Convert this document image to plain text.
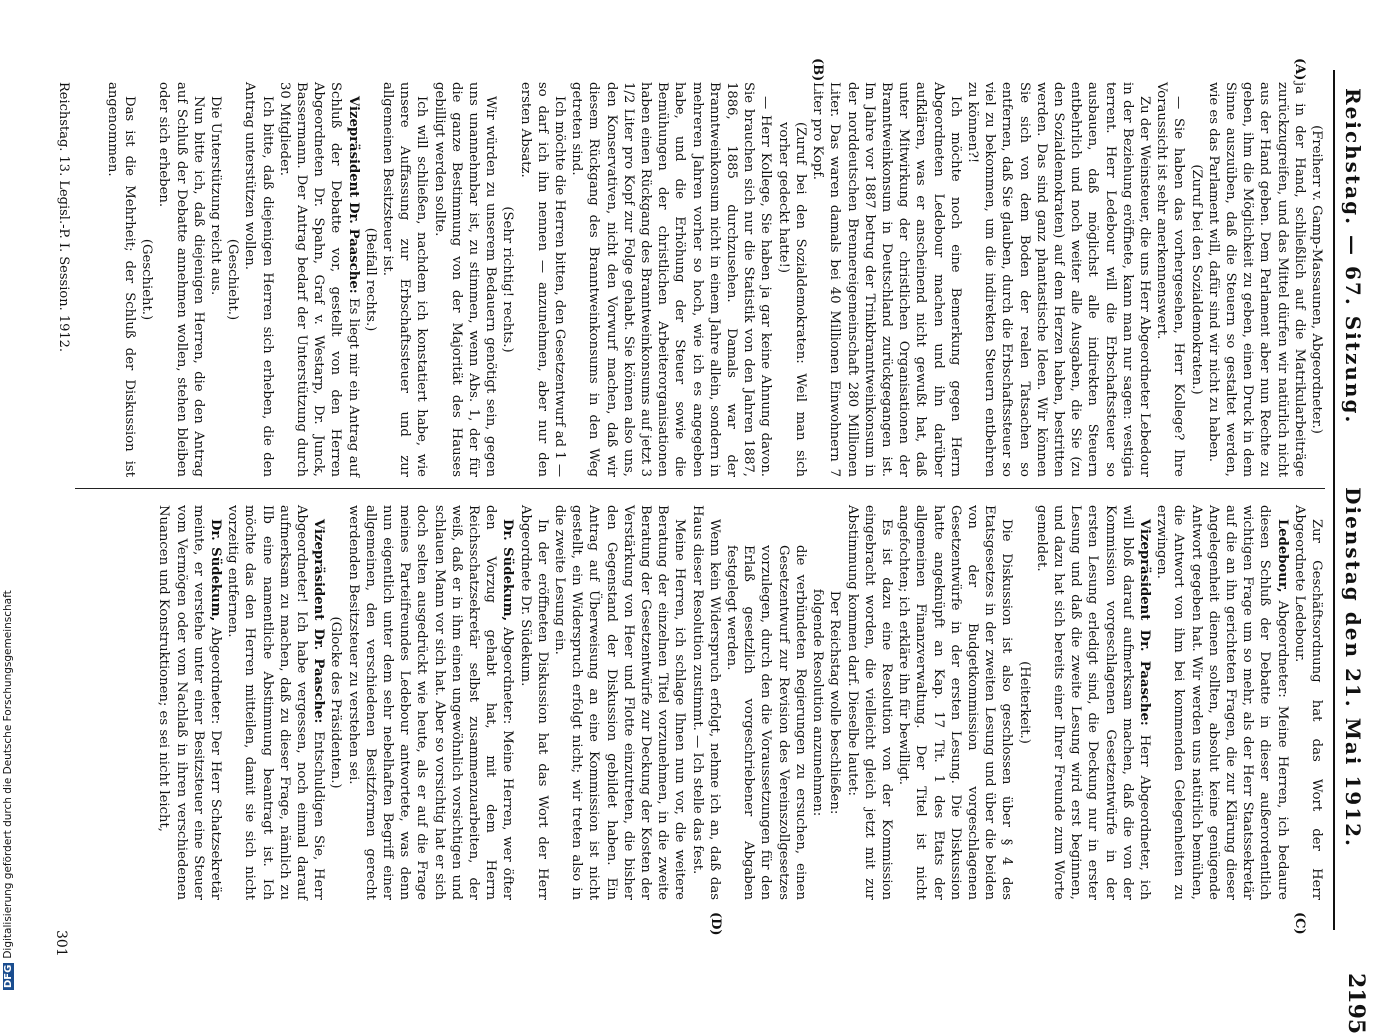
Reichstag. — 67. Sitzung.
Dienstag den 21. Mai 1912.
2195
(A)
(B)
(C)
(D)

(Freiherr v. Gamp-Massaunen, Abgeordneter.)

ja in der Hand, schließlich auf die Matrikularbeiträge zurückzugreifen, und das Mittel dürfen wir natürlich nicht aus der Hand geben. Dem Parlament aber nun Rechte zu geben, ihm die Möglichkeit zu geben, einen Druck in dem Sinne auszuüben, daß die Steuern so gestaltet werden, wie es das Parlament will, dafür sind wir nicht zu haben.

(Zuruf bei den Sozialdemokraten.)

— Sie haben das vorhergesehen, Herr Kollege? Ihre Voraussicht ist sehr anerkennenswert.

Zu der Weinsteuer, die uns Herr Abgeordneter Lebedour in der Beziehung eröffnete, kann man nur sagen: vestigia terrent. Herr Ledebour will die Erbschaftssteuer so ausbauen, daß möglichst alle indirekten Steuern entbehrlich und noch weiter alle Ausgaben, die Sie (zu den Sozialdemokraten) auf dem Herzen haben, bestritten werden. Das sind ganz phantastische Ideen. Wir können Sie sich von dem Boden der realen Tatsachen so entfernen, daß Sie glauben, durch die Erbschaftssteuer so viel zu bekommen, um die indirekten Steuern entbehren zu können?!

Ich möchte noch eine Bemerkung gegen Herrn Abgeordneten Ledebour machen und ihn darüber aufklären, was er anscheinend nicht gewußt hat, daß unter Mitwirkung der christlichen Organisationen der Branntweinkonsum in Deutschland zurückgegangen ist. Im Jahre vor 1887 betrug der Trinkbranntweinkonsum in der norddeutschen Brennereigemeinschaft 280 Millionen Liter. Das waren damals bei 40 Millionen Einwohnern 7 Liter pro Kopf.

(Zuruf bei den Sozialdemokraten: Weil man sich vorher gedeckt hatte!)

— Herr Kollege, Sie haben ja gar keine Ahnung davon. Sie brauchen sich nur die Statistik von den Jahren 1887, 1886, 1885 durchzusehen. Damals war der Branntweinkonsum nicht in einem Jahre allein, sondern in mehreren Jahren vorher so hoch, wie ich es angegeben habe, und die Erhöhung der Steuer sowie die Bemühungen der christlichen Arbeiterorganisationen haben einen Rückgang des Branntweinkonsums auf jetzt 3 1/2 Liter pro Kopf zur Folge gehabt. Sie können also uns, den Konservativen, nicht den Vorwurf machen, daß wir diesem Rückgang des Branntweinkonsums in den Weg getreten sind.

Ich möchte die Herren bitten, den Gesetzentwurf ad 1 — so darf ich ihn nennen — anzunehmen, aber nur den ersten Absatz.

(Sehr richtig! rechts.)

Wir würden zu unserem Bedauern genötigt sein, gegen uns unannehmbar ist, zu stimmen, wenn Abs. 1, der für die ganze Bestimmung von der Majorität des Hauses gebilligt werden sollte.

Ich will schließen, nachdem ich konstatiert habe, wie unsere Auffassung zur Erbschaftssteuer und zur allgemeinen Besitzsteuer ist.

(Beifall rechts.)

Vizepräsident Dr. Paasche: Es liegt mir ein Antrag auf Schluß der Debatte vor, gestellt von den Herren Abgeordneten Dr. Spahn, Graf v. Westarp, Dr. Junck, Bassermann. Der Antrag bedarf der Unterstützung durch 30 Mitglieder.

Ich bitte, daß diejenigen Herren sich erheben, die den Antrag unterstützen wollen.

(Geschieht.)

Die Unterstützung reicht aus.

Nun bitte ich, daß diejenigen Herren, die den Antrag auf Schluß der Debatte annehmen wollen, stehen bleiben oder sich erheben.

(Geschieht.)

Das ist die Mehrheit; der Schluß der Diskussion ist angenommen.

Zur Geschäftsordnung hat das Wort der Herr Abgeordnete Ledebour.

Ledebour, Abgeordneter: Meine Herren, ich bedaure diesen Schluß der Debatte in dieser außerordentlich wichtigen Frage um so mehr, als der Herr Staatssekretär auf die an ihn gerichteten Fragen, die zur Klärung dieser Angelegenheit dienen sollten, absolut keine genügende Antwort gegeben hat. Wir werden uns natürlich bemühen, die Antwort von ihm bei kommenden Gelegenheiten zu erzwingen.

Vizepräsident Dr. Paasche: Herr Abgeordneter, ich will bloß darauf aufmerksam machen, daß die von der Kommission vorgeschlagenen Gesetzentwürfe in der ersten Lesung erledigt sind, die Deckung nur in erster Lesung und daß die zweite Lesung wird erst beginnen, und dazu hat sich bereits einer Ihrer Freunde zum Worte gemeldet.

(Heiterkeit.)

Die Diskussion ist also geschlossen über § 4 des Etatsgesetzes in der zweiten Lesung und über die beiden von der Budgetkommission vorgeschlagenen Gesetzentwürfe in der ersten Lesung. Die Diskussion hatte angeknüpft an Kap. 17 Tit. 1 des Etats der allgemeinen Finanzverwaltung. Der Titel ist nicht angefochten; ich erkläre ihn für bewilligt.

Es ist dazu eine Resolution von der Kommission eingebracht worden, die vielleicht gleich jetzt mit zur Abstimmung kommen darf. Dieselbe lautet:

Der Reichstag wolle beschließen:

folgende Resolution anzunehmen:

die verbündeten Regierungen zu ersuchen, einen Gesetzentwurf zur Revision des Vereinszollgesetzes vorzulegen, durch den die Voraussetzungen für den Erlaß gesetzlich vorgeschriebener Abgaben festgelegt werden.

Wenn kein Widerspruch erfolgt, nehme ich an, daß das Haus dieser Resolution zustimmt. — Ich stelle das fest.

Meine Herren, ich schlage Ihnen nun vor, die weitere Beratung der einzelnen Titel vorzunehmen, in die zweite Beratung der Gesetzentwürfe zur Deckung der Kosten der Verstärkung von Heer und Flotte einzutreten, die bisher den Gegenstand der Diskussion gebildet haben. Ein Antrag auf Überweisung an eine Kommission ist nicht gestellt, ein Widerspruch erfolgt nicht; wir treten also in die zweite Lesung ein.

In der eröffneten Diskussion hat das Wort der Herr Abgeordnete Dr. Südekum.

Dr. Südekum, Abgeordneter: Meine Herren, wer öfter den Vorzug gehabt hat, mit dem Herrn Reichsschatzsekretär selbst zusammenzuarbeiten, der weiß, daß er in ihm einen ungewöhnlich vorsichtigen und schlauen Mann vor sich hat. Aber so vorsichtig hat er sich doch selten ausgedrückt wie heute, als er auf die Frage meines Parteifreundes Ledebour antwortete, was denn nun eigentlich unter dem sehr nebelhaften Begriff einer allgemeinen, den verschiedenen Besitzformen gerecht werdenden Besitzsteuer zu verstehen sei.

(Glocke des Präsidenten.)

Vizepräsident Dr. Paasche: Entschuldigen Sie, Herr Abgeordneter! Ich habe vergessen, noch einmal darauf aufmerksam zu machen, daß zu dieser Frage, nämlich zu IIb eine namentliche Abstimmung beantragt ist. Ich möchte das den Herren mitteilen, damit sie sich nicht vorzeitig entfernen.

Dr. Südekum, Abgeordneter: Der Herr Schatzsekretär meinte, er verstehe unter einer Besitzsteuer eine Steuer vom Vermögen oder vom Nachlaß in ihren verschiedenen Nuancen und Konstruktionen; es sei nicht leicht,

Reichstag. 13. Legisl.-P. I. Session. 1912.
301
DFGDigitalisierung gefördert durch die Deutsche Forschungsgemeinschaft
